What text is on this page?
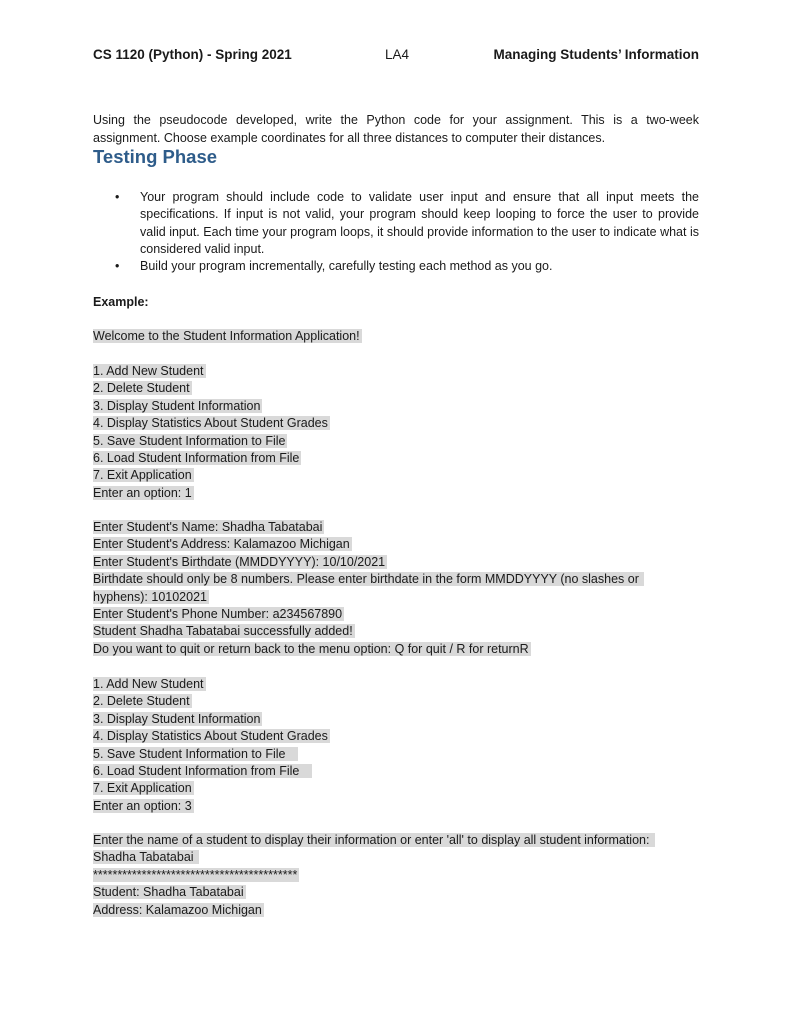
CS 1120 (Python) - Spring 2021	LA4	Managing Students’ Information
Using the pseudocode developed, write the Python code for your assignment. This is a two-week assignment. Choose example coordinates for all three distances to computer their distances.
Testing Phase
• Your program should include code to validate user input and ensure that all input meets the specifications. If input is not valid, your program should keep looping to force the user to provide valid input. Each time your program loops, it should provide information to the user to indicate what is considered valid input.
• Build your program incrementally, carefully testing each method as you go.
Example:
Welcome to the Student Information Application!
1. Add New Student
2. Delete Student
3. Display Student Information
4. Display Statistics About Student Grades
5. Save Student Information to File
6. Load Student Information from File
7. Exit Application
Enter an option: 1
Enter Student's Name: Shadha Tabatabai
Enter Student's Address: Kalamazoo Michigan
Enter Student's Birthdate (MMDDYYYY): 10/10/2021
Birthdate should only be 8 numbers. Please enter birthdate in the form MMDDYYYY (no slashes or
hyphens): 10102021
Enter Student's Phone Number: a234567890
Student Shadha Tabatabai successfully added!
Do you want to quit or return back to the menu option: Q for quit / R for returnR
1. Add New Student
2. Delete Student
3. Display Student Information
4. Display Statistics About Student Grades
5. Save Student Information to File
6. Load Student Information from File
7. Exit Application
Enter an option: 3
Enter the name of a student to display their information or enter 'all' to display all student information:
Shadha Tabatabai
******************************************
Student: Shadha Tabatabai
Address: Kalamazoo Michigan
